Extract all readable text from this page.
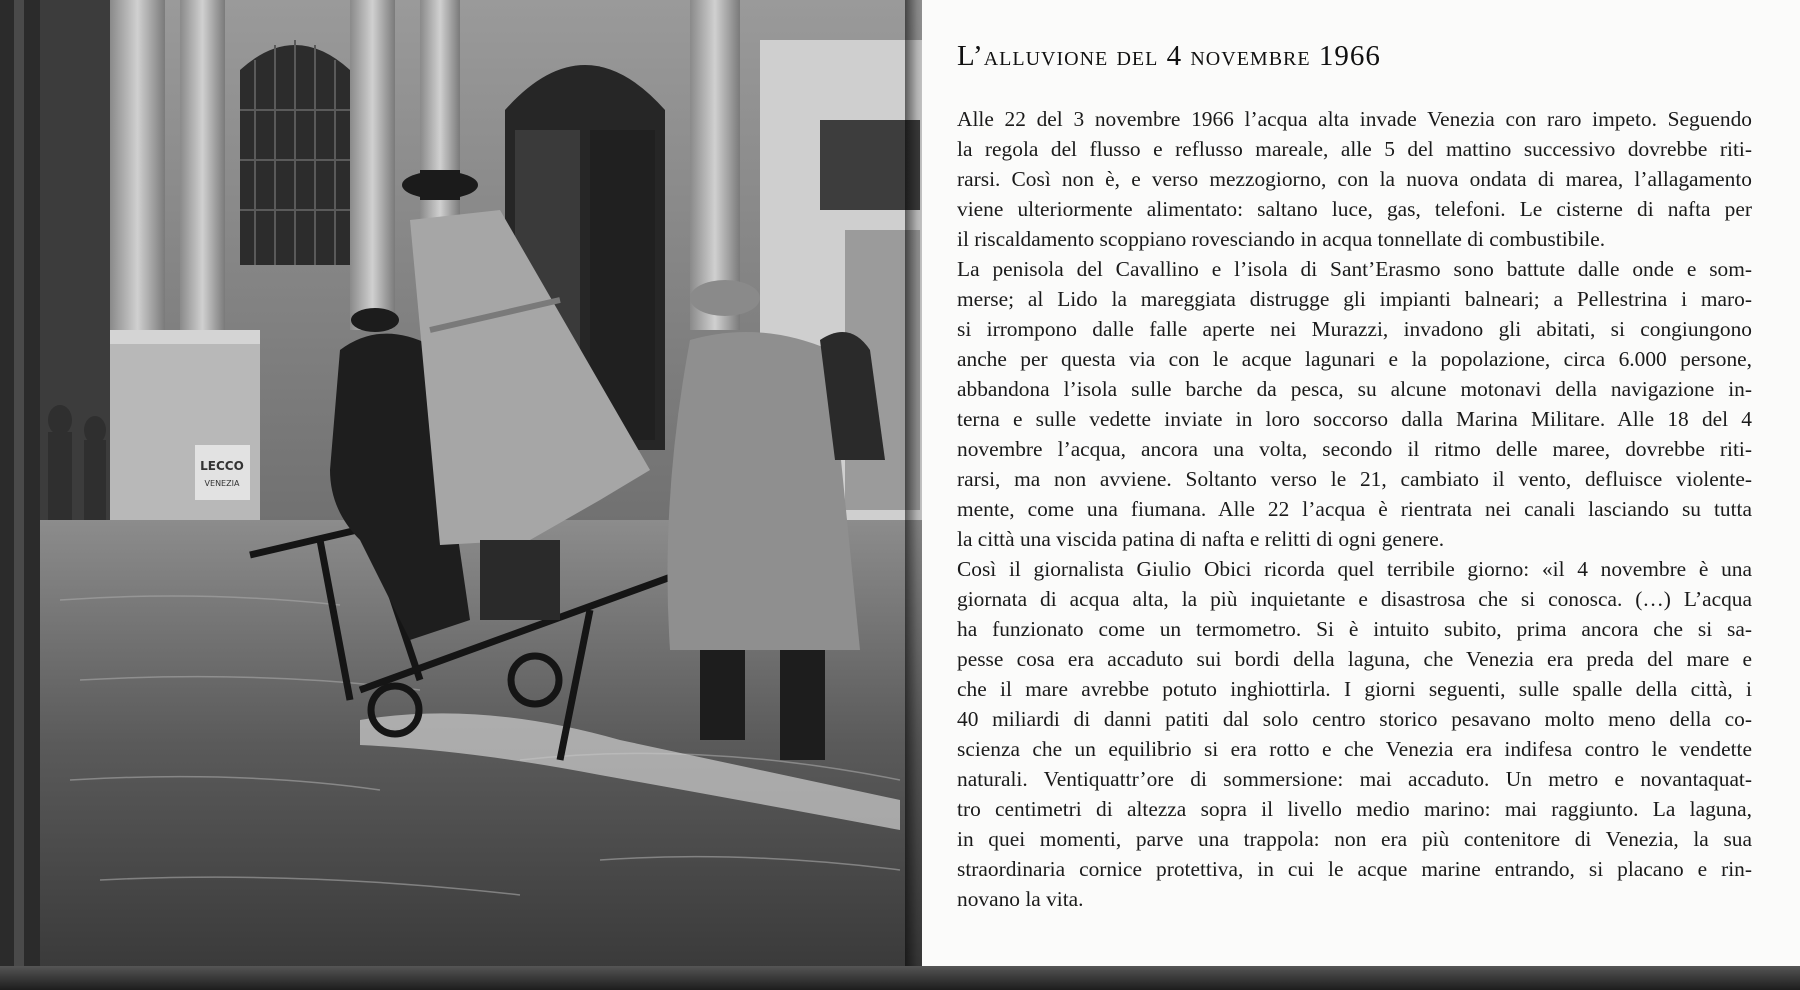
LECCO
VENEZIA
L’alluvione del 4 novembre 1966
Alle 22 del 3 novembre 1966 l’acqua alta invade Venezia con raro impeto. Seguendo
la regola del flusso e reflusso mareale, alle 5 del mattino successivo dovrebbe riti-
rarsi. Così non è, e verso mezzogiorno, con la nuova ondata di marea, l’allagamento
viene ulteriormente alimentato: saltano luce, gas, telefoni. Le cisterne di nafta per
il riscaldamento scoppiano rovesciando in acqua tonnellate di combustibile.
La penisola del Cavallino e l’isola di Sant’Erasmo sono battute dalle onde e som-
merse; al Lido la mareggiata distrugge gli impianti balneari; a Pellestrina i maro-
si irrompono dalle falle aperte nei Murazzi, invadono gli abitati, si congiungono
anche per questa via con le acque lagunari e la popolazione, circa 6.000 persone,
abbandona l’isola sulle barche da pesca, su alcune motonavi della navigazione in-
terna e sulle vedette inviate in loro soccorso dalla Marina Militare. Alle 18 del 4
novembre l’acqua, ancora una volta, secondo il ritmo delle maree, dovrebbe riti-
rarsi, ma non avviene. Soltanto verso le 21, cambiato il vento, defluisce violente-
mente, come una fiumana. Alle 22 l’acqua è rientrata nei canali lasciando su tutta
la città una viscida patina di nafta e relitti di ogni genere.
Così il giornalista Giulio Obici ricorda quel terribile giorno: «il 4 novembre è una
giornata di acqua alta, la più inquietante e disastrosa che si conosca. (…) L’acqua
ha funzionato come un termometro. Si è intuito subito, prima ancora che si sa-
pesse cosa era accaduto sui bordi della laguna, che Venezia era preda del mare e
che il mare avrebbe potuto inghiottirla. I giorni seguenti, sulle spalle della città, i
40 miliardi di danni patiti dal solo centro storico pesavano molto meno della co-
scienza che un equilibrio si era rotto e che Venezia era indifesa contro le vendette
naturali. Ventiquattr’ore di sommersione: mai accaduto. Un metro e novantaquat-
tro centimetri di altezza sopra il livello medio marino: mai raggiunto. La laguna,
in quei momenti, parve una trappola: non era più contenitore di Venezia, la sua
straordinaria cornice protettiva, in cui le acque marine entrando, si placano e rin-
novano la vita.
